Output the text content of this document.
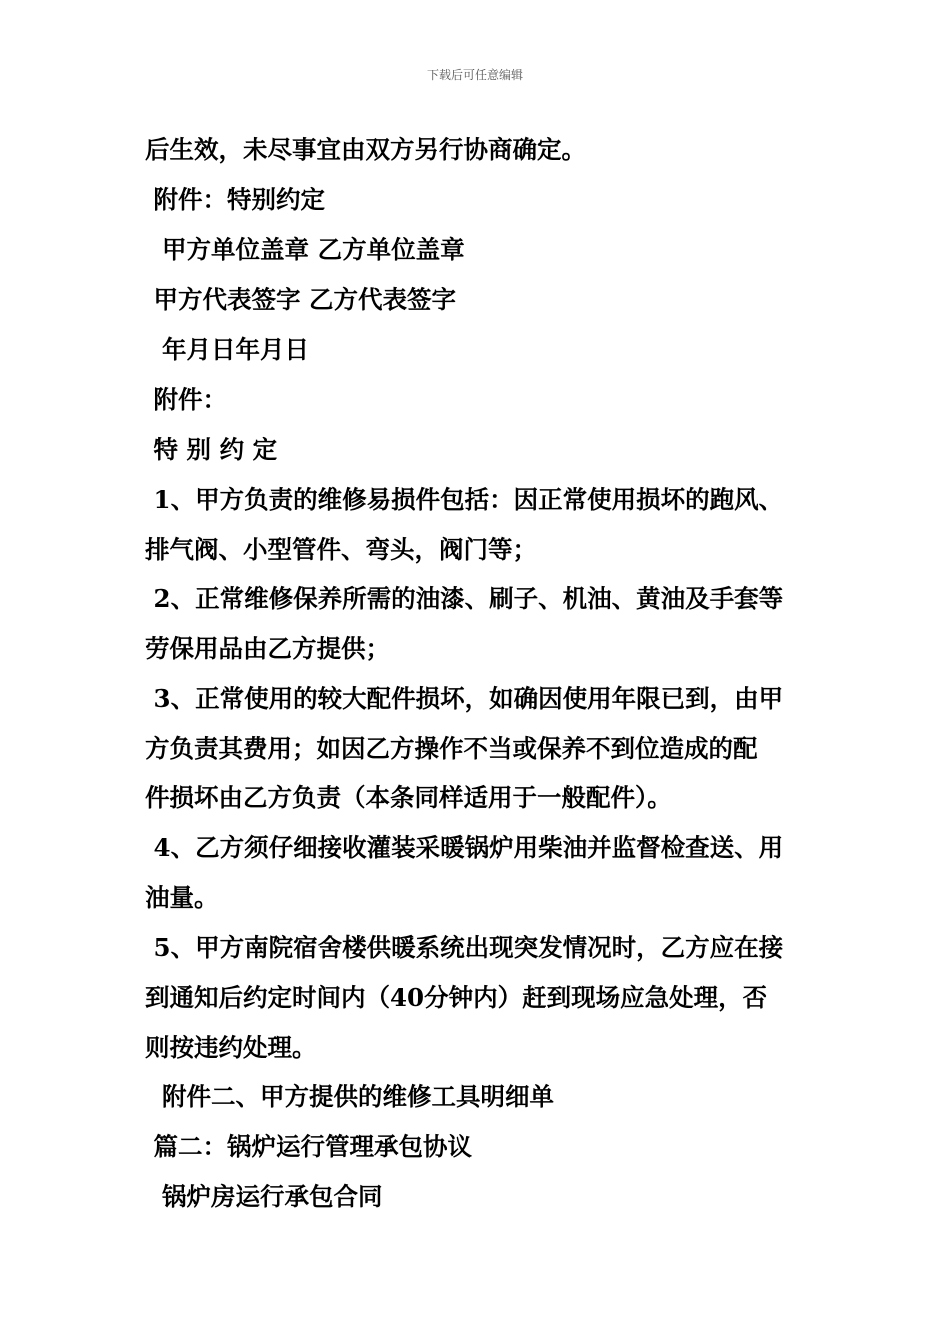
下载后可任意编辑
后生效，未尽事宜由双方另行协商确定。
附件：特别约定
甲方单位盖章 乙方单位盖章
甲方代表签字 乙方代表签字
年月日年月日
附件：
特 别 约 定
1、甲方负责的维修易损件包括：因正常使用损坏的跑风、
排气阀、小型管件、弯头，阀门等；
2、正常维修保养所需的油漆、刷子、机油、黄油及手套等
劳保用品由乙方提供；
3、正常使用的较大配件损坏，如确因使用年限已到，由甲
方负责其费用；如因乙方操作不当或保养不到位造成的配
件损坏由乙方负责（本条同样适用于一般配件）。
4、乙方须仔细接收灌装采暖锅炉用柴油并监督检查送、用
油量。
5、甲方南院宿舍楼供暖系统出现突发情况时，乙方应在接
到通知后约定时间内（40分钟内）赶到现场应急处理，否
则按违约处理。
附件二、甲方提供的维修工具明细单
篇二：锅炉运行管理承包协议
锅炉房运行承包合同
